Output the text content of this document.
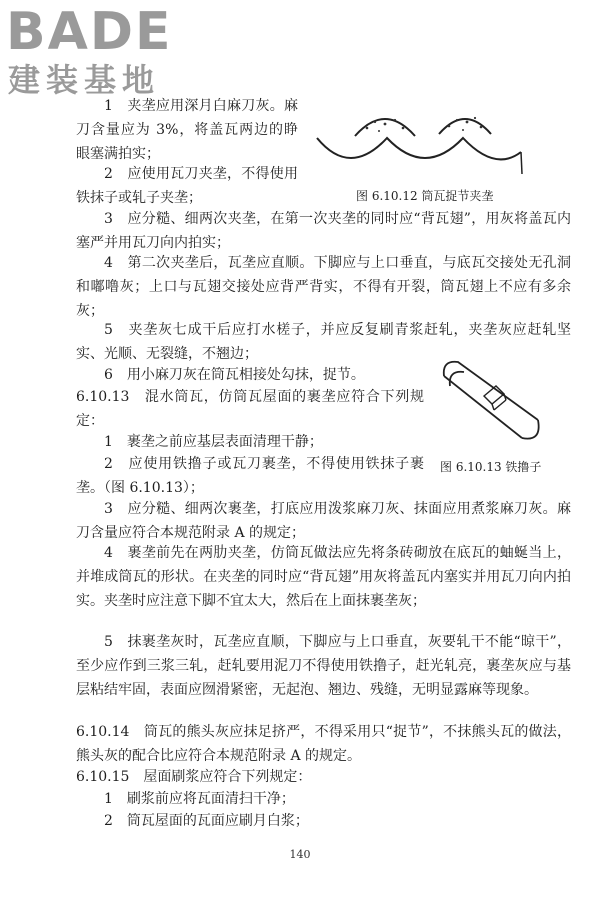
BADE
建装基地

图 6.10.12 筒瓦捉节夹垄

1　夹垄应用深月白麻刀灰。麻刀含量应为 3%，将盖瓦两边的睁眼塞满拍实；

2　应使用瓦刀夹垄，不得使用铁抹子或轧子夹垄；

3　应分糙、细两次夹垄，在第一次夹垄的同时应“背瓦翅”，用灰将盖瓦内塞严并用瓦刀向内拍实；

4　第二次夹垄后，瓦垄应直顺。下脚应与上口垂直，与底瓦交接处无孔洞和嘟噜灰；上口与瓦翅交接处应背严背实，不得有开裂，筒瓦翅上不应有多余灰；

5　夹垄灰七成干后应打水槎子，并应反复刷青浆赶轧，夹垄灰应赶轧坚实、光顺、无裂缝，不翘边；

6　用小麻刀灰在筒瓦相接处勾抹，捉节。

6.10.13　混水筒瓦，仿筒瓦屋面的裹垄应符合下列规定：

1　裹垄之前应基层表面清理干静；

2　应使用铁撸子或瓦刀裹垄，不得使用铁抹子裹垄。（图 6.10.13）；

3　应分糙、细两次裹垄，打底应用泼浆麻刀灰、抹面应用煮浆麻刀灰。麻刀含量应符合本规范附录 A 的规定；

4　裹垄前先在两肋夹垄，仿筒瓦做法应先将条砖砌放在底瓦的蚰蜒当上，并堆成筒瓦的形状。在夹垄的同时应“背瓦翅”用灰将盖瓦内塞实并用瓦刀向内拍实。夹垄时应注意下脚不宜太大，然后在上面抹裹垄灰；

5　抹裹垄灰时，瓦垄应直顺，下脚应与上口垂直，灰要轧干不能“晾干”，至少应作到三浆三轧，赶轧要用泥刀不得使用铁撸子，赶光轧亮，裹垄灰应与基层粘结牢固，表面应囫滑紧密，无起泡、翘边、残缝，无明显露麻等现象。

6.10.14　筒瓦的熊头灰应抹足挤严，不得采用只“捉节”，不抹熊头瓦的做法，熊头灰的配合比应符合本规范附录 A 的规定。

6.10.15　屋面刷浆应符合下列规定：

1　刷浆前应将瓦面清扫干净；

2　筒瓦屋面的瓦面应刷月白浆；

图 6.10.13 铁撸子

140
